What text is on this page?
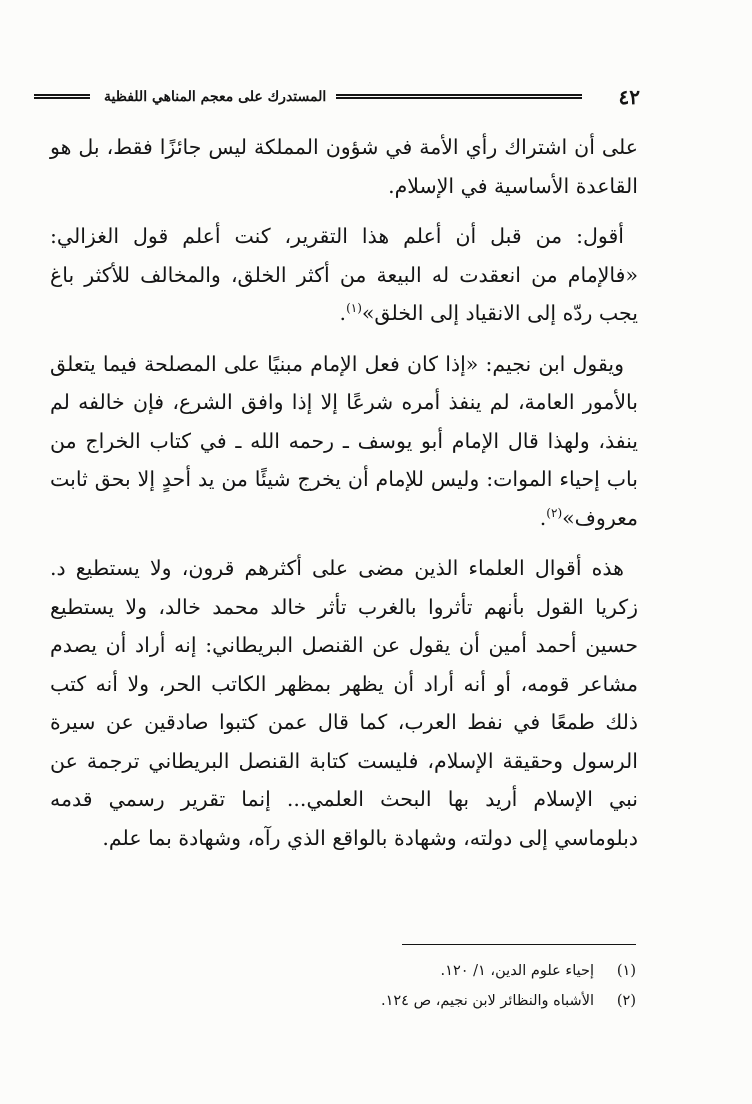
٤٢
المستدرك على معجم المناهي اللفظية

على أن اشتراك رأي الأمة في شؤون المملكة ليس جائزًا فقط، بل هو القاعدة الأساسية في الإسلام.

أقول: من قبل أن أعلم هذا التقرير، كنت أعلم قول الغزالي: «فالإمام من انعقدت له البيعة من أكثر الخلق، والمخالف للأكثر باغ يجب ردّه إلى الانقياد إلى الخلق»$^{(١)}$.

ويقول ابن نجيم: «إذا كان فعل الإمام مبنيًا على المصلحة فيما يتعلق بالأمور العامة، لم ينفذ أمره شرعًا إلا إذا وافق الشرع، فإن خالفه لم ينفذ، ولهذا قال الإمام أبو يوسف ـ رحمه الله ـ في كتاب الخراج من باب إحياء الموات: وليس للإمام أن يخرج شيئًا من يد أحدٍ إلا بحق ثابت معروف»$^{(٢)}$.

هذه أقوال العلماء الذين مضى على أكثرهم قرون، ولا يستطيع د. زكريا القول بأنهم تأثروا بالغرب تأثر خالد محمد خالد، ولا يستطيع حسين أحمد أمين أن يقول عن القنصل البريطاني: إنه أراد أن يصدم مشاعر قومه، أو أنه أراد أن يظهر بمظهر الكاتب الحر، ولا أنه كتب ذلك طمعًا في نفط العرب، كما قال عمن كتبوا صادقين عن سيرة الرسول وحقيقة الإسلام، فليست كتابة القنصل البريطاني ترجمة عن نبي الإسلام أريد بها البحث العلمي... إنما تقرير رسمي قدمه دبلوماسي إلى دولته، وشهادة بالواقع الذي رآه، وشهادة بما علم.

(١)إحياء علوم الدين، ١/ ١٢٠.
(٢)الأشباه والنظائر لابن نجيم، ص ١٢٤.
